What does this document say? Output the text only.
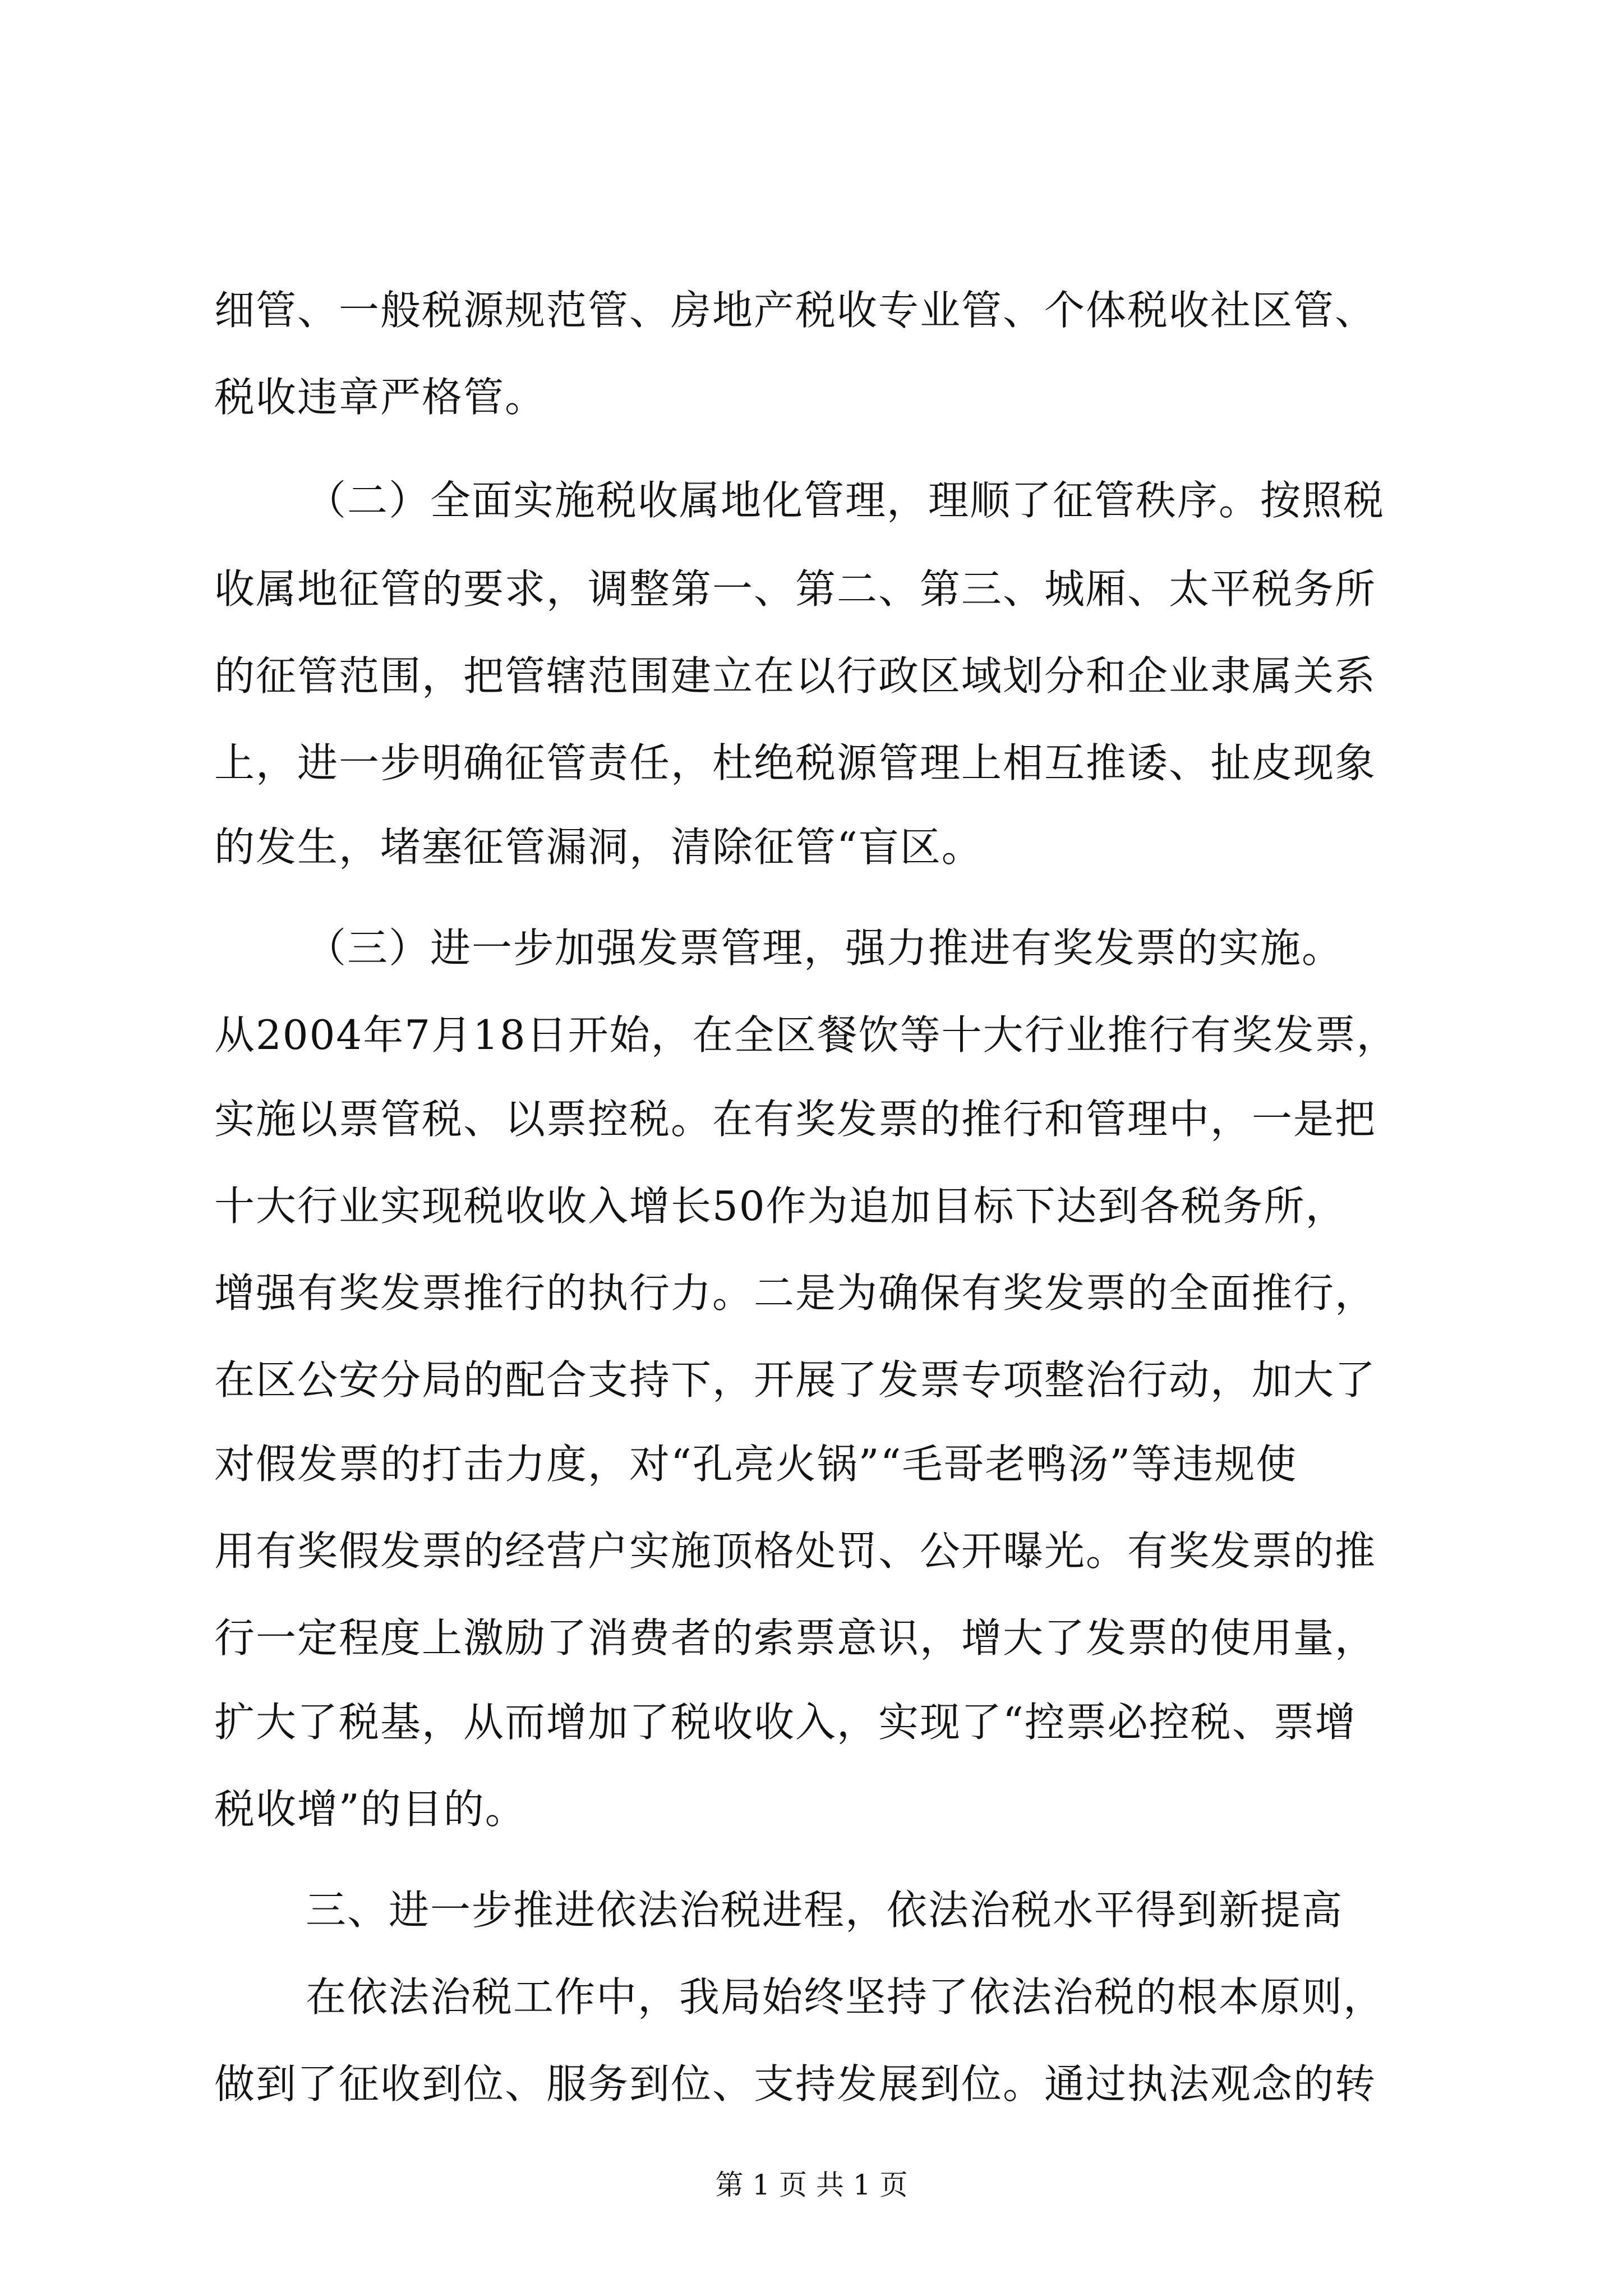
细管、一般税源规范管、房地产税收专业管、个体税收社区管、

税收违章严格管。

（二）全面实施税收属地化管理，理顺了征管秩序。按照税

收属地征管的要求，调整第一、第二、第三、城厢、太平税务所

的征管范围，把管辖范围建立在以行政区域划分和企业隶属关系

上，进一步明确征管责任，杜绝税源管理上相互推诿、扯皮现象

的发生，堵塞征管漏洞，清除征管“盲区。

（三）进一步加强发票管理，强力推进有奖发票的实施。

从2004年7月18日开始，在全区餐饮等十大行业推行有奖发票，

实施以票管税、以票控税。在有奖发票的推行和管理中，一是把

十大行业实现税收收入增长50作为追加目标下达到各税务所，

增强有奖发票推行的执行力。二是为确保有奖发票的全面推行，

在区公安分局的配合支持下，开展了发票专项整治行动，加大了

对假发票的打击力度，对“孔亮火锅”“毛哥老鸭汤”等违规使

用有奖假发票的经营户实施顶格处罚、公开曝光。有奖发票的推

行一定程度上激励了消费者的索票意识，增大了发票的使用量，

扩大了税基，从而增加了税收收入，实现了“控票必控税、票增

税收增”的目的。

三、进一步推进依法治税进程，依法治税水平得到新提高

在依法治税工作中，我局始终坚持了依法治税的根本原则，

做到了征收到位、服务到位、支持发展到位。通过执法观念的转

第 1 页 共 1 页
